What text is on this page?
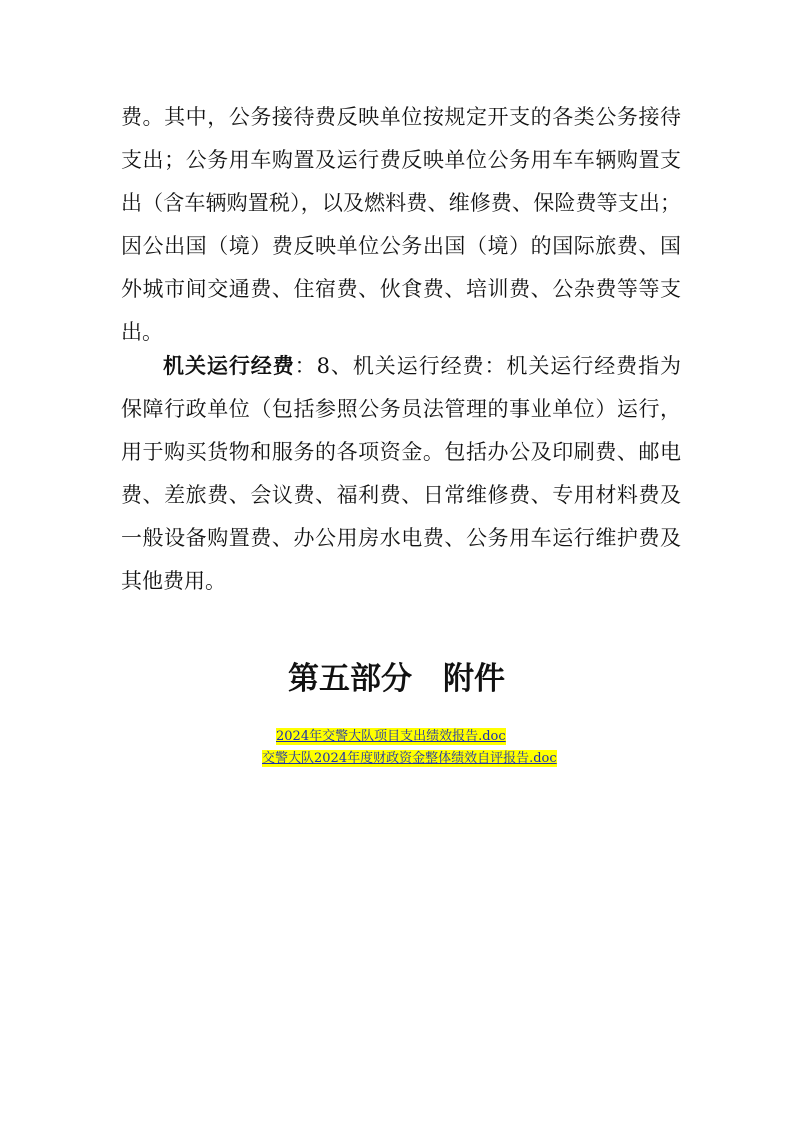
费。其中，公务接待费反映单位按规定开支的各类公务接待
支出；公务用车购置及运行费反映单位公务用车车辆购置支
出（含车辆购置税），以及燃料费、维修费、保险费等支出；
因公出国（境）费反映单位公务出国（境）的国际旅费、国
外城市间交通费、住宿费、伙食费、培训费、公杂费等等支
出。
机关运行经费：8、机关运行经费：机关运行经费指为
保障行政单位（包括参照公务员法管理的事业单位）运行，
用于购买货物和服务的各项资金。包括办公及印刷费、邮电
费、差旅费、会议费、福利费、日常维修费、专用材料费及
一般设备购置费、办公用房水电费、公务用车运行维护费及
其他费用。
第五部分　附件
2024年交警大队项目支出绩效报告.doc
交警大队2024年度财政资金整体绩效自评报告.doc
